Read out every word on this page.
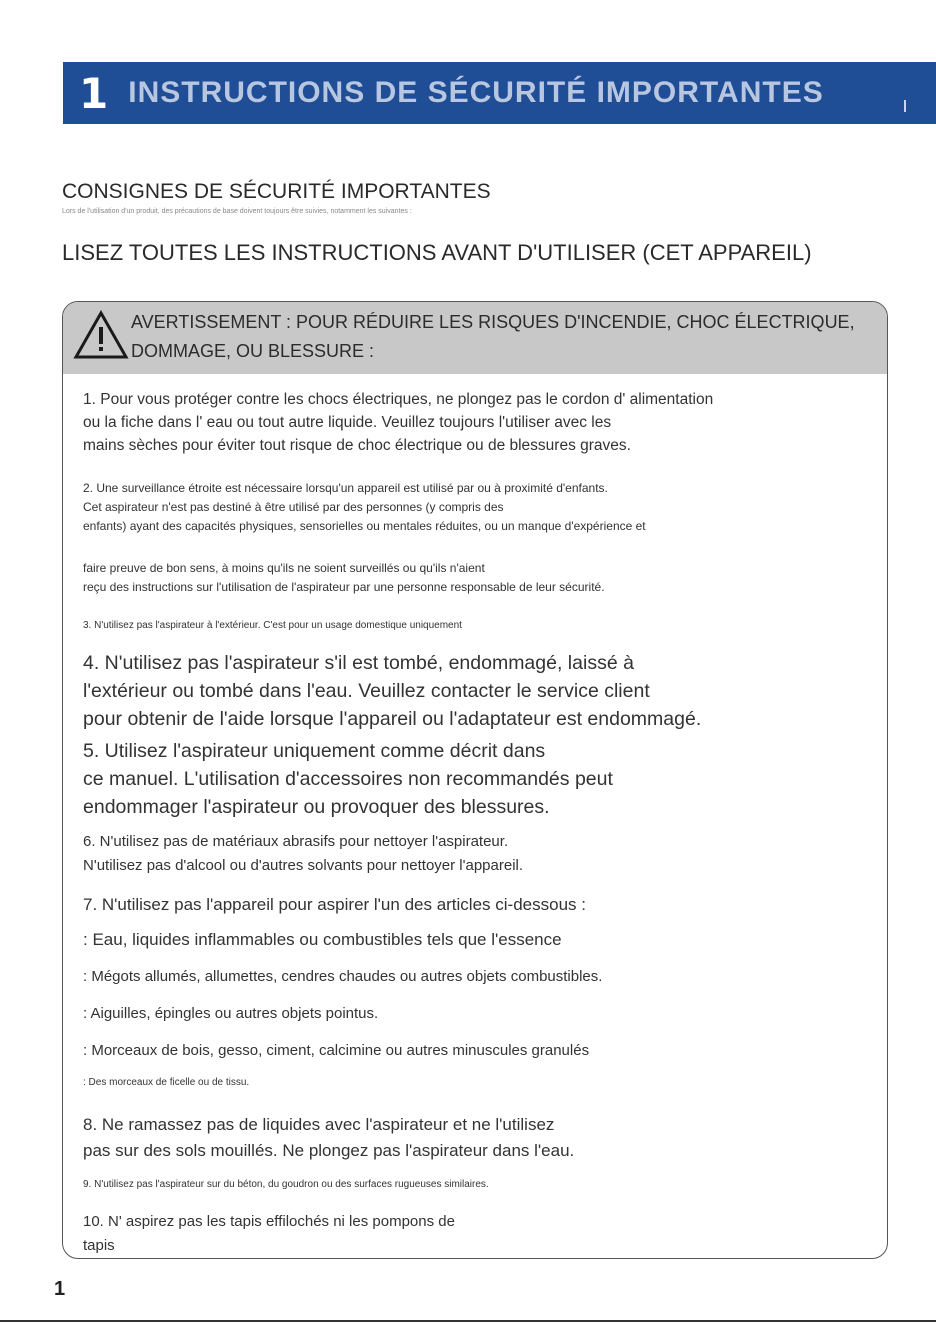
1 INSTRUCTIONS DE SÉCURITÉ IMPORTANTES
CONSIGNES DE SÉCURITÉ IMPORTANTES
Lors de l'utilisation d'un produit, des précautions de base doivent toujours être suivies, notamment les suivantes :
LISEZ TOUTES LES INSTRUCTIONS AVANT D'UTILISER (CET APPAREIL)
AVERTISSEMENT : POUR RÉDUIRE LES RISQUES D'INCENDIE, CHOC ÉLECTRIQUE,
DOMMAGE, OU BLESSURE :
1. Pour vous protéger contre les chocs électriques, ne plongez pas le cordon d' alimentation
ou la fiche dans l' eau ou tout autre liquide. Veuillez toujours l'utiliser avec les
mains sèches pour éviter tout risque de choc électrique ou de blessures graves.
2. Une surveillance étroite est nécessaire lorsqu'un appareil est utilisé par ou à proximité d'enfants.
Cet aspirateur n'est pas destiné à être utilisé par des personnes (y compris des
enfants) ayant des capacités physiques, sensorielles ou mentales réduites, ou un manque d'expérience et
faire preuve de bon sens, à moins qu'ils ne soient surveillés ou qu'ils n'aient
reçu des instructions sur l'utilisation de l'aspirateur par une personne responsable de leur sécurité.
3. N'utilisez pas l'aspirateur à l'extérieur. C'est pour un usage domestique uniquement
4. N'utilisez pas l'aspirateur s'il est tombé, endommagé, laissé à
l'extérieur ou tombé dans l'eau. Veuillez contacter le service client
pour obtenir de l'aide lorsque l'appareil ou l'adaptateur est endommagé.
5. Utilisez l'aspirateur uniquement comme décrit dans
ce manuel. L'utilisation d'accessoires non recommandés peut
endommager l'aspirateur ou provoquer des blessures.
6. N'utilisez pas de matériaux abrasifs pour nettoyer l'aspirateur.
N'utilisez pas d'alcool ou d'autres solvants pour nettoyer l'appareil.
7. N'utilisez pas l'appareil pour aspirer l'un des articles ci-dessous :
: Eau, liquides inflammables ou combustibles tels que l'essence
: Mégots allumés, allumettes, cendres chaudes ou autres objets combustibles.
: Aiguilles, épingles ou autres objets pointus.
: Morceaux de bois, gesso, ciment, calcimine ou autres minuscules granulés
: Des morceaux de ficelle ou de tissu.
8. Ne ramassez pas de liquides avec l'aspirateur et ne l'utilisez
pas sur des sols mouillés. Ne plongez pas l'aspirateur dans l'eau.
9. N'utilisez pas l'aspirateur sur du béton, du goudron ou des surfaces rugueuses similaires.
10. N' aspirez pas les tapis effilochés ni les pompons de
tapis
1
